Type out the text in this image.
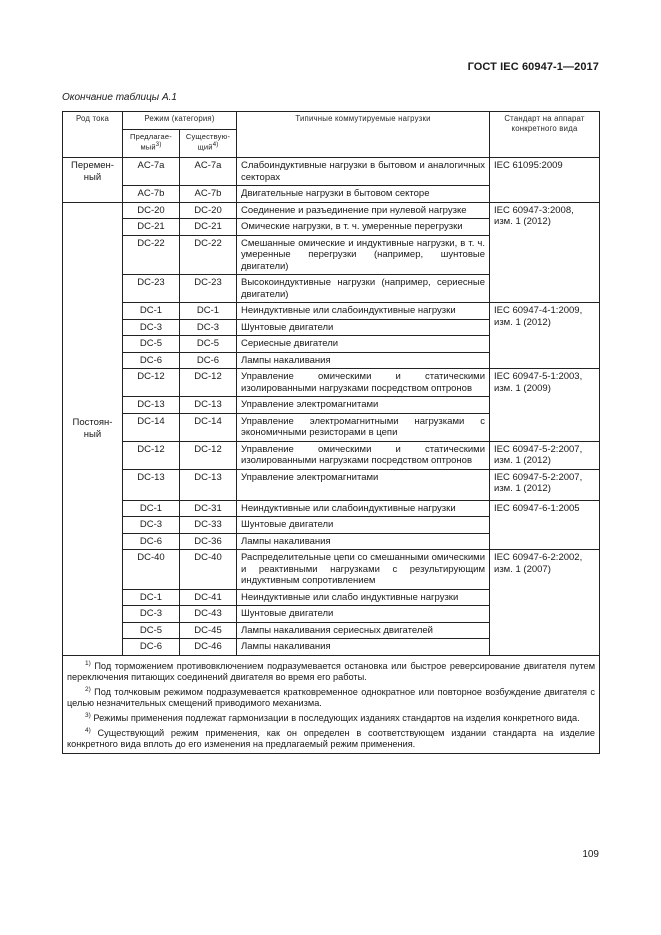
ГОСТ IEC 60947-1—2017
Окончание таблицы А.1
Род тока	Режим (категория)		Типичные коммутируемые нагрузки	Стандарт на аппарат конкретного вида
	Предлагае-мый$^{3)}$	Существую-щий$^{4)}$
Перемен-ный	AC-7a	AC-7a	Слабоиндуктивные нагрузки в бытовом и аналогичных секторах	IEC 61095:2009
	AC-7b	AC-7b	Двигательные нагрузки в бытовом секторе	
Постоян-ный	DC-20	DC-20	Соединение и разъединение при нулевой нагрузке	IEC 60947-3:2008, изм. 1 (2012)
	DC-21	DC-21	Омические нагрузки, в т. ч. умеренные перегрузки	
	DC-22	DC-22	Смешанные омические и индуктивные нагрузки, в т. ч. умеренные перегрузки (например, шунтовые двигатели)	
	DC-23	DC-23	Высокоиндуктивные нагрузки (например, сериесные двигатели)	
	DC-1	DC-1	Неиндуктивные или слабоиндуктивные нагрузки	IEC 60947-4-1:2009, изм. 1 (2012)
	DC-3	DC-3	Шунтовые двигатели	
	DC-5	DC-5	Сериесные двигатели	
	DC-6	DC-6	Лампы накаливания	
	DC-12	DC-12	Управление омическими и статическими изолированными нагрузками посредством оптронов	IEC 60947-5-1:2003, изм. 1 (2009)
	DC-13	DC-13	Управление электромагнитами	
	DC-14	DC-14	Управление электромагнитными нагрузками с экономичными резисторами в цепи	
	DC-12	DC-12	Управление омическими и статическими изолированными нагрузками посредством оптронов	IEC 60947-5-2:2007, изм. 1 (2012)
	DC-13	DC-13	Управление электромагнитами	IEC 60947-5-2:2007, изм. 1 (2012)
	DC-1	DC-31	Неиндуктивные или слабоиндуктивные нагрузки	IEC 60947-6-1:2005
	DC-3	DC-33	Шунтовые двигатели	
	DC-6	DC-36	Лампы накаливания	
	DC-40	DC-40	Распределительные цепи со смешанными омическими и реактивными нагрузками с результирующим индуктивным сопротивлением	IEC 60947-6-2:2002, изм. 1 (2007)
	DC-1	DC-41	Неиндуктивные или слабо индуктивные нагрузки	
	DC-3	DC-43	Шунтовые двигатели	
	DC-5	DC-45	Лампы накаливания сериесных двигателей	
	DC-6	DC-46	Лампы накаливания	

$^{1)}$ Под торможением противовключением подразумевается остановка или быстрое реверсирование двигателя путем переключения питающих соединений двигателя во время его работы.

$^{2)}$ Под толчковым режимом подразумевается кратковременное однократное или повторное возбуждение двигателя с целью незначительных смещений приводимого механизма.

$^{3)}$ Режимы применения подлежат гармонизации в последующих изданиях стандартов на изделия конкретного вида.

$^{4)}$ Существующий режим применения, как он определен в соответствующем издании стандарта на изделие конкретного вида вплоть до его изменения на предлагаемый режим применения.				

109
